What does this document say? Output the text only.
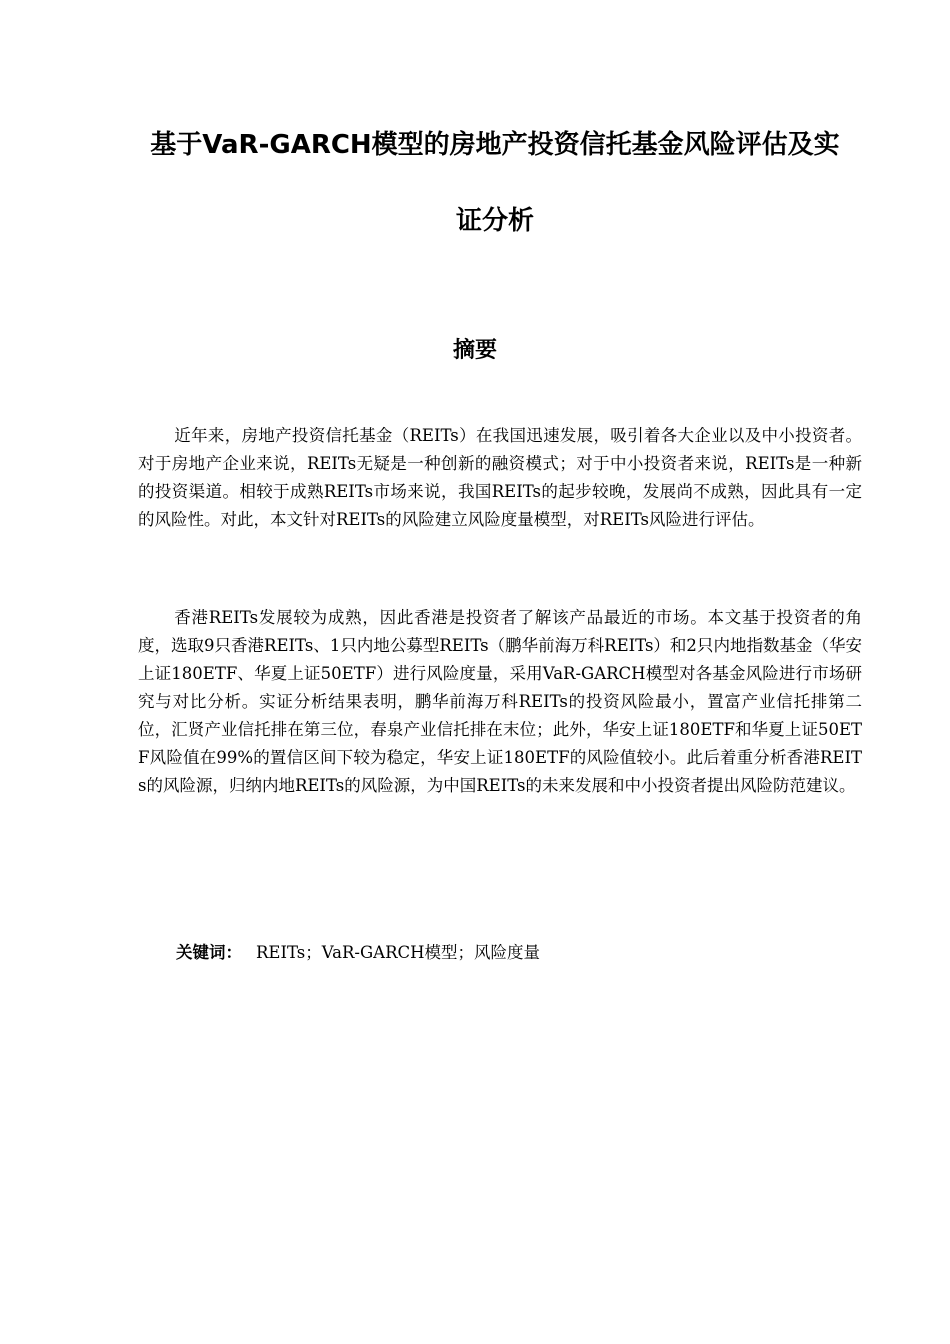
基于VaR-GARCH模型的房地产投资信托基金风险评估及实
证分析
摘要
近年来，房地产投资信托基金（REITs）在我国迅速发展，吸引着各大企业以及中小投资者。对于房地产企业来说，REITs无疑是一种创新的融资模式；对于中小投资者来说，REITs是一种新的投资渠道。相较于成熟REITs市场来说，我国REITs的起步较晚，发展尚不成熟，因此具有一定的风险性。对此，本文针对REITs的风险建立风险度量模型，对REITs风险进行评估。
香港REITs发展较为成熟，因此香港是投资者了解该产品最近的市场。本文基于投资者的角度，选取9只香港REITs、1只内地公募型REITs（鹏华前海万科REITs）和2只内地指数基金（华安上证180ETF、华夏上证50ETF）进行风险度量，采用VaR-GARCH模型对各基金风险进行市场研究与对比分析。实证分析结果表明，鹏华前海万科REITs的投资风险最小，置富产业信托排第二位，汇贤产业信托排在第三位，春泉产业信托排在末位；此外，华安上证180ETF和华夏上证50ETF风险值在99%的置信区间下较为稳定，华安上证180ETF的风险值较小。此后着重分析香港REITs的风险源，归纳内地REITs的风险源，为中国REITs的未来发展和中小投资者提出风险防范建议。
关键词： REITs；VaR-GARCH模型；风险度量
